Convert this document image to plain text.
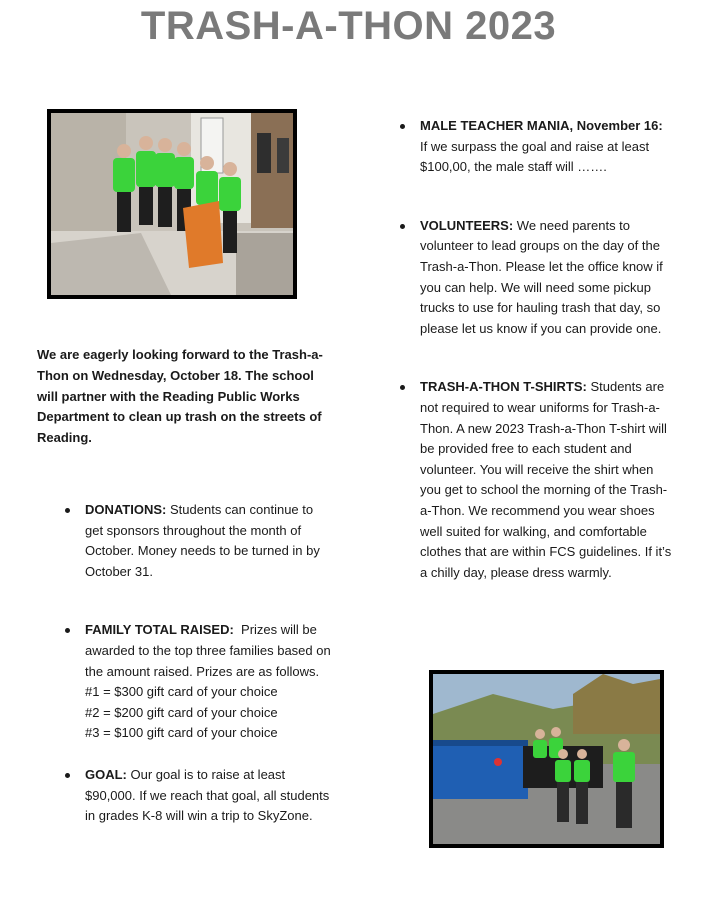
TRASH-A-THON 2023
We are eagerly looking forward to the Trash-a-Thon on Wednesday, October 18. The school will partner with the Reading Public Works Department to clean up trash on the streets of Reading.
DONATIONS: Students can continue to get sponsors throughout the month of October. Money needs to be turned in by October 31.
FAMILY TOTAL RAISED: Prizes will be awarded to the top three families based on the amount raised. Prizes are as follows.
#1 = $300 gift card of your choice
#2 = $200 gift card of your choice
#3 = $100 gift card of your choice
GOAL: Our goal is to raise at least $90,000. If we reach that goal, all students in grades K-8 will win a trip to SkyZone.
MALE TEACHER MANIA, November 16:
If we surpass the goal and raise at least $100,00, the male staff will …….
VOLUNTEERS: We need parents to volunteer to lead groups on the day of the Trash-a-Thon. Please let the office know if you can help. We will need some pickup trucks to use for hauling trash that day, so please let us know if you can provide one.
TRASH-A-THON T-SHIRTS: Students are not required to wear uniforms for Trash-a-Thon. A new 2023 Trash-a-Thon T-shirt will be provided free to each student and volunteer. You will receive the shirt when you get to school the morning of the Trash-a-Thon. We recommend you wear shoes well suited for walking, and comfortable clothes that are within FCS guidelines. If it’s a chilly day, please dress warmly.
